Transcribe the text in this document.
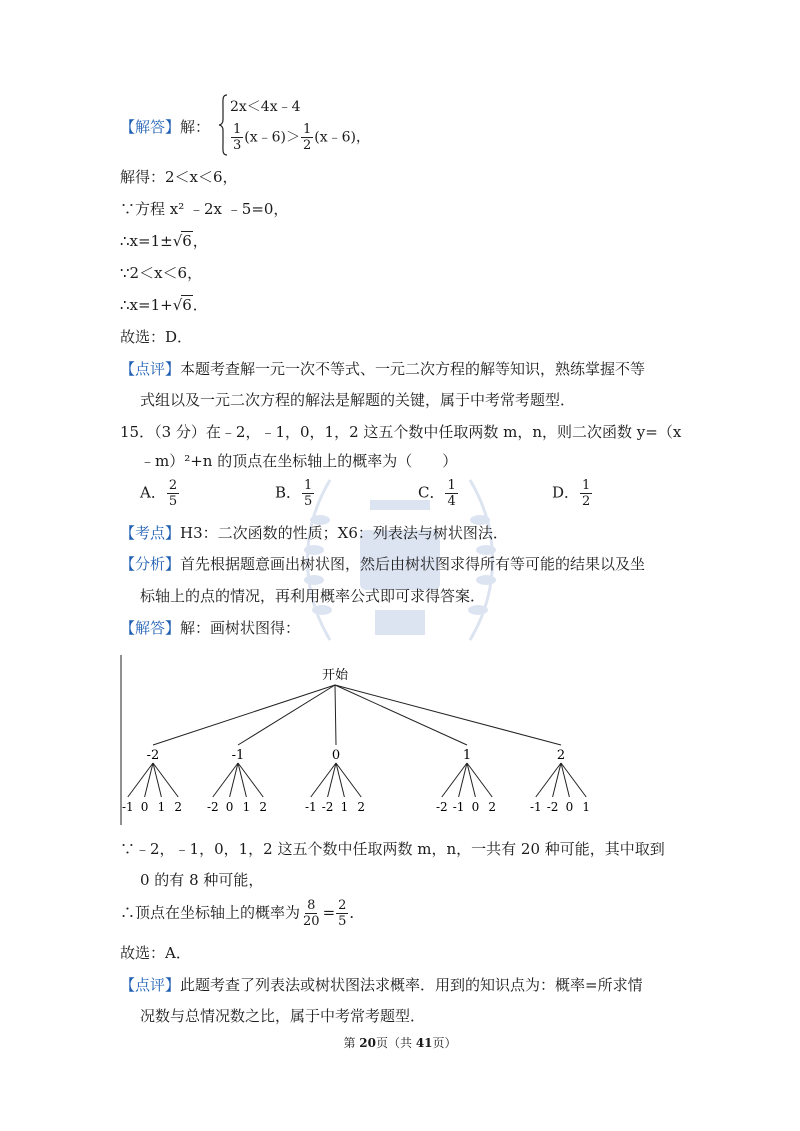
【解答】解：
2x＜4x﹣4
$\frac{1}{3}$ (x﹣6)＞ $\frac{1}{2}$ (x﹣6)，
解得：2＜x＜6，
∵方程 x² ﹣2x ﹣5=0，
∴x=1±√6，
∵2＜x＜6，
∴x=1+√6．
故选：D．
【点评】本题考查解一元一次不等式、一元二次方程的解等知识，熟练掌握不等
式组以及一元二次方程的解法是解题的关键，属于中考常考题型．
15．（3 分）在﹣2，﹣1，0，1，2 这五个数中任取两数 m，n，则二次函数 y=（x
﹣m）²+n 的顶点在坐标轴上的概率为（　　）
A． $\frac{2}{5}$	B． $\frac{1}{5}$	C． $\frac{1}{4}$	D． $\frac{1}{2}$
【考点】H3：二次函数的性质；X6：列表法与树状图法．
【分析】首先根据题意画出树状图，然后由树状图求得所有等可能的结果以及坐
标轴上的点的情况，再利用概率公式即可求得答案．
【解答】解：画树状图得：
开始
-2
-1 0 1 2
-1
-2 0 1 2
0
-1 -2 1 2
1
-2 -1 0 2
2
-1 -2 0 1
∵﹣2，﹣1，0，1，2 这五个数中任取两数 m，n，一共有 20 种可能，其中取到
0 的有 8 种可能，
∴顶点在坐标轴上的概率为 $\frac{8}{20} = \frac{2}{5}$ ．
故选：A．
【点评】此题考查了列表法或树状图法求概率．用到的知识点为：概率=所求情
况数与总情况数之比，属于中考常考题型．
第 20页（共 41页）
